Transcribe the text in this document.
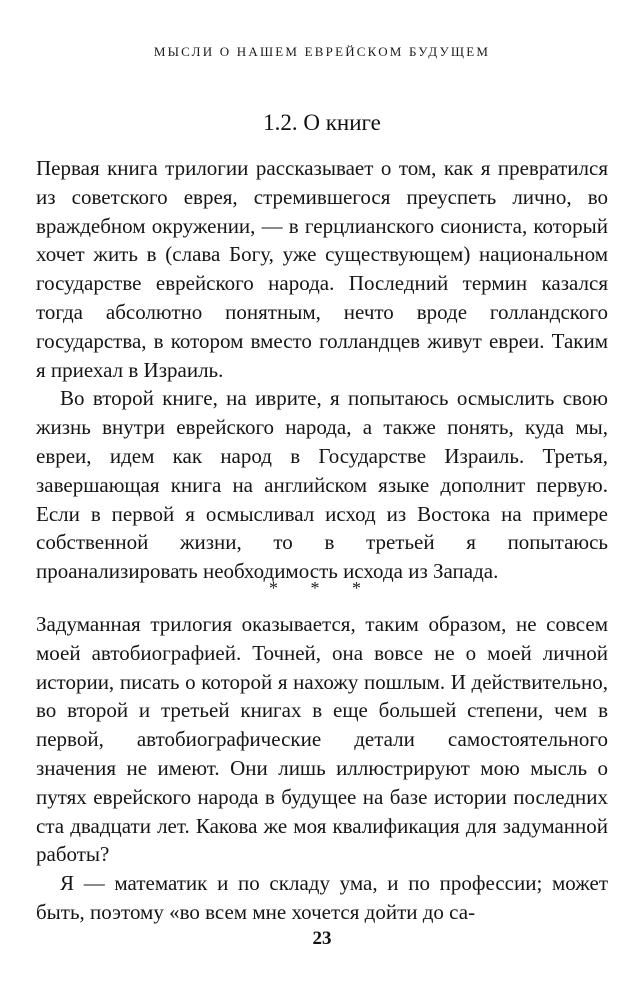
МЫСЛИ О НАШЕМ ЕВРЕЙСКОМ БУДУЩЕМ
1.2. О книге

Первая книга трилогии рассказывает о том, как я превратился из советского еврея, стремившегося преуспеть лично, во враждебном окружении, — в герцлианского сиониста, который хочет жить в (слава Богу, уже существующем) национальном государстве еврейского народа. Последний термин казался тогда абсолютно понятным, нечто вроде голландского государства, в котором вместо голландцев живут евреи. Таким я приехал в Израиль.

Во второй книге, на иврите, я попытаюсь осмыслить свою жизнь внутри еврейского народа, а также понять, куда мы, евреи, идем как народ в Государстве Израиль. Третья, завершающая книга на английском языке дополнит первую. Если в первой я осмысливал исход из Востока на примере собственной жизни, то в третьей я попытаюсь проанализировать необходимость исхода из Запада.

* * *

Задуманная трилогия оказывается, таким образом, не совсем моей автобиографией. Точней, она вовсе не о моей личной истории, писать о которой я нахожу пошлым. И действительно, во второй и третьей книгах в еще большей степени, чем в первой, автобиографические детали самостоятельного значения не имеют. Они лишь иллюстрируют мою мысль о путях еврейского народа в будущее на базе истории последних ста двадцати лет. Какова же моя квалификация для задуманной работы?

Я — математик и по складу ума, и по профессии; может быть, поэтому «во всем мне хочется дойти до са-

23
